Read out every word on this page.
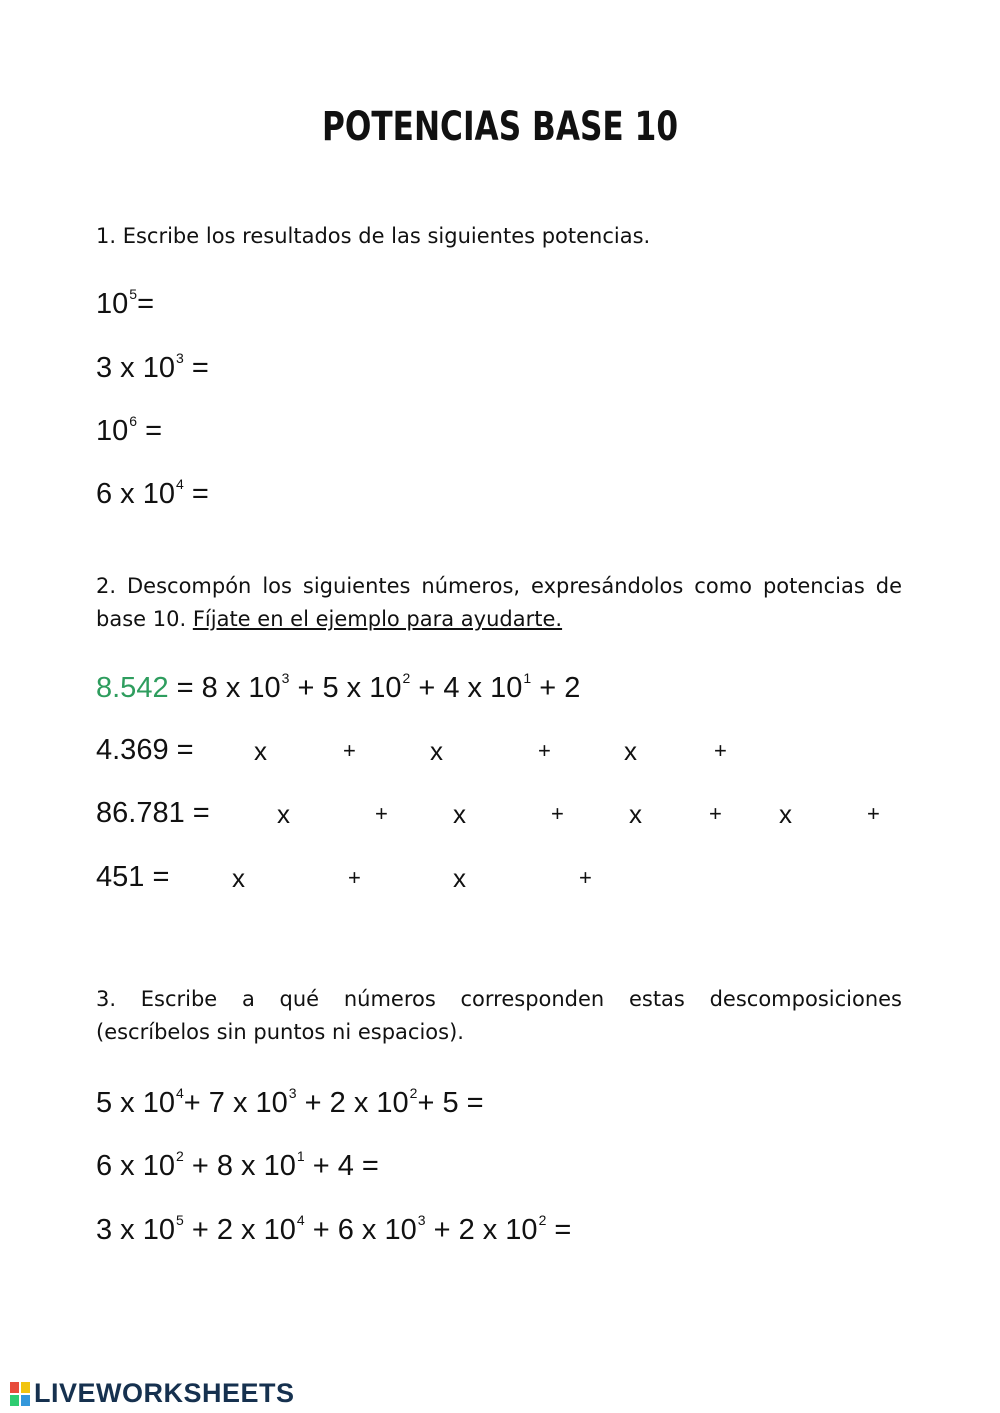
POTENCIAS BASE 10
1. Escribe los resultados de las siguientes potencias.
$10^5=$
3 x $10^3$ =
$10^6$ =
6 x $10^4$ =
2. Descompón los siguientes números, expresándolos como potencias de
base 10. Fíjate en el ejemplo para ayudarte.
8.542 = 8 x $10^3 + 5$ x $10^2 + 4$ x $10^1 + 2$
4.369 = x	+	x	+	x	+
86.781 =	x	+	x	+	x	+ x	+
451 = x	+	x	+
3. Escribe a qué números corresponden estas descomposiciones
(escríbelos sin puntos ni espacios).
5 x $10^4+ 7$ x $10^3 + 2$ x $10^2+ 5$ =
6 x $10^2 + 8$ x $10^1 + 4$ =
3 x $10^5 + 2$ x $10^4 + 6$ x $10^3 + 2$ x $10^2$ =
LIVEWORKSHEETS
